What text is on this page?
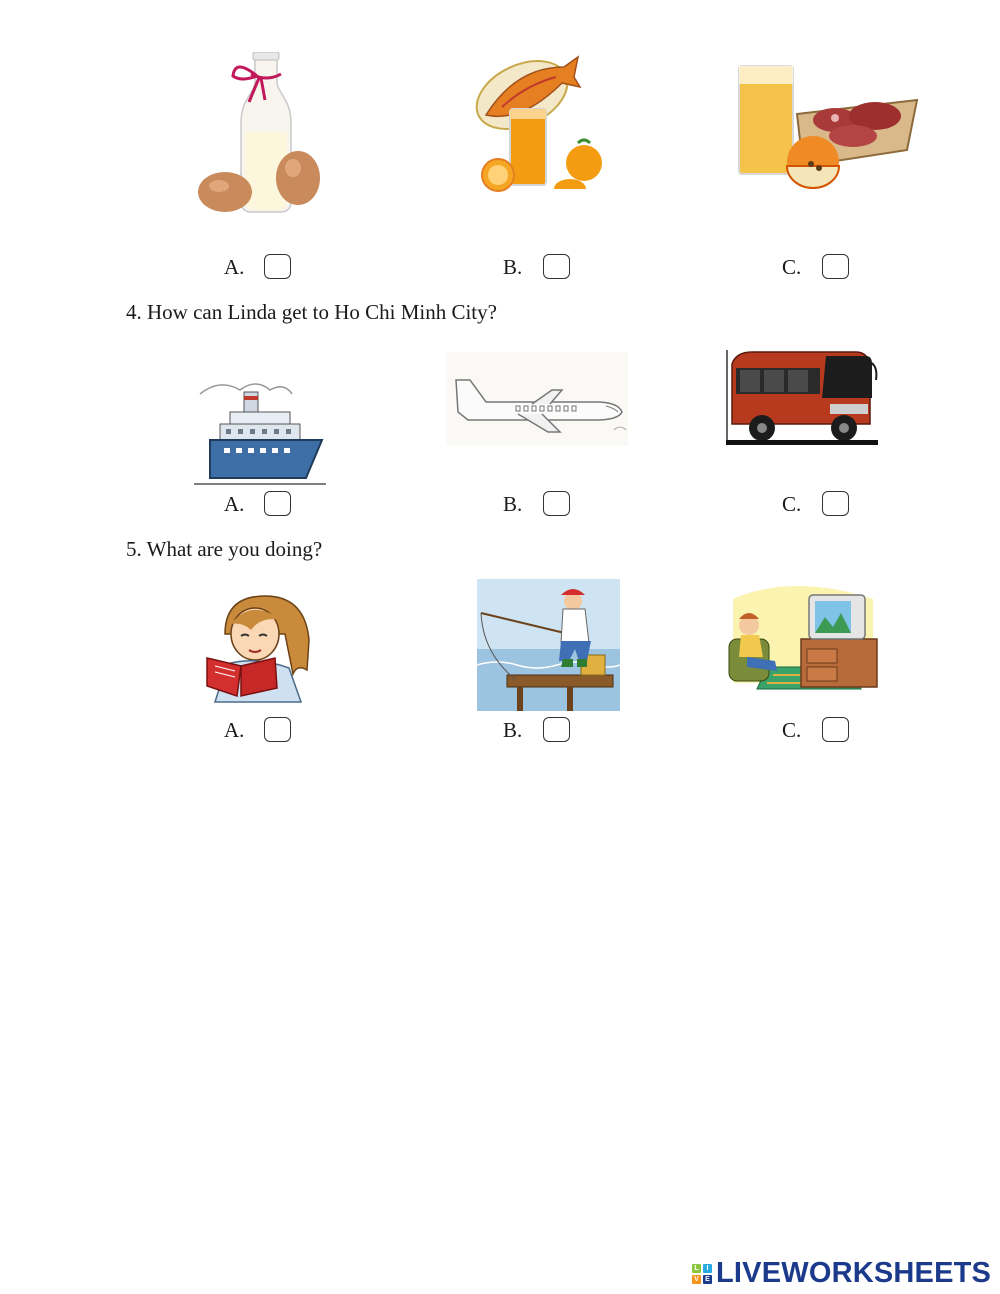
A.	B.	C.
4. How can Linda get to Ho Chi Minh City?
A.	B.	C.
5. What are you doing?
A.	B.	C.
L	I
V E LIVEWORKSHEETS
